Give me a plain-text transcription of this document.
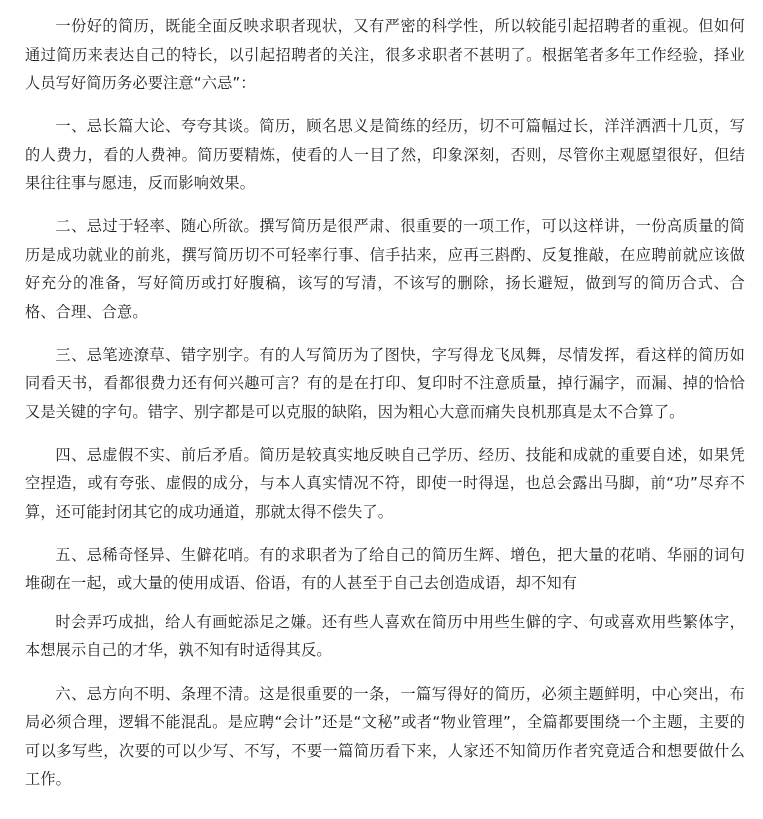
一份好的简历，既能全面反映求职者现状，又有严密的科学性，所以较能引起招聘者的重视。但如何通过简历来表达自己的特长，以引起招聘者的关注，很多求职者不甚明了。根据笔者多年工作经验，择业人员写好简历务必要注意“六忌”：

一、忌长篇大论、夸夸其谈。简历，顾名思义是简练的经历，切不可篇幅过长，洋洋洒洒十几页，写的人费力，看的人费神。简历要精炼，使看的人一目了然，印象深刻，否则，尽管你主观愿望很好，但结果往往事与愿违，反而影响效果。

二、忌过于轻率、随心所欲。撰写简历是很严肃、很重要的一项工作，可以这样讲，一份高质量的简历是成功就业的前兆，撰写简历切不可轻率行事、信手拈来，应再三斟酌、反复推敲，在应聘前就应该做好充分的准备，写好简历或打好腹稿，该写的写清，不该写的删除，扬长避短，做到写的简历合式、合格、合理、合意。

三、忌笔迹潦草、错字别字。有的人写简历为了图快，字写得龙飞凤舞，尽情发挥，看这样的简历如同看天书，看都很费力还有何兴趣可言？有的是在打印、复印时不注意质量，掉行漏字，而漏、掉的恰恰又是关键的字句。错字、别字都是可以克服的缺陷，因为粗心大意而痛失良机那真是太不合算了。

四、忌虚假不实、前后矛盾。简历是较真实地反映自己学历、经历、技能和成就的重要自述，如果凭空捏造，或有夸张、虚假的成分，与本人真实情况不符，即使一时得逞，也总会露出马脚，前“功”尽弃不算，还可能封闭其它的成功通道，那就太得不偿失了。

五、忌稀奇怪异、生僻花哨。有的求职者为了给自己的简历生辉、增色，把大量的花哨、华丽的词句堆砌在一起，或大量的使用成语、俗语，有的人甚至于自己去创造成语，却不知有

时会弄巧成拙，给人有画蛇添足之嫌。还有些人喜欢在简历中用些生僻的字、句或喜欢用些繁体字，本想展示自己的才华，孰不知有时适得其反。

六、忌方向不明、条理不清。这是很重要的一条，一篇写得好的简历，必须主题鲜明，中心突出，布局必须合理，逻辑不能混乱。是应聘“会计”还是“文秘”或者“物业管理”，全篇都要围绕一个主题，主要的可以多写些，次要的可以少写、不写，不要一篇简历看下来，人家还不知简历作者究竟适合和想要做什么工作。
